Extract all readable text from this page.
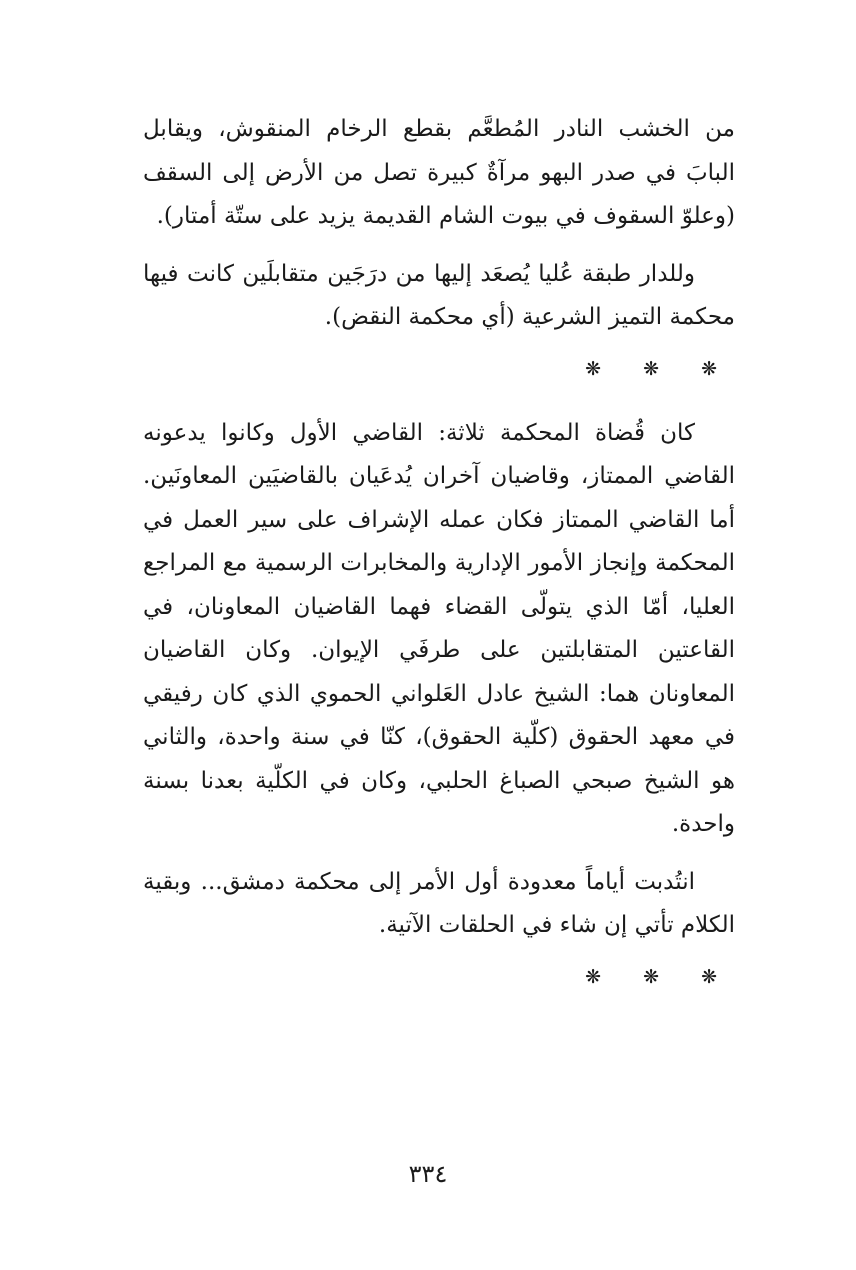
من الخشب النادر المُطعَّم بقطع الرخام المنقوش، ويقابل البابَ في صدر البهو مرآةٌ كبيرة تصل من الأرض إلى السقف (وعلوّ السقوف في بيوت الشام القديمة يزيد على ستّة أمتار).

وللدار طبقة عُليا يُصعَد إليها من درَجَين متقابلَين كانت فيها محكمة التميز الشرعية (أي محكمة النقض).

❋ ❋ ❋

كان قُضاة المحكمة ثلاثة: القاضي الأول وكانوا يدعونه القاضي الممتاز، وقاضيان آخران يُدعَيان بالقاضيَين المعاونَين. أما القاضي الممتاز فكان عمله الإشراف على سير العمل في المحكمة وإنجاز الأمور الإدارية والمخابرات الرسمية مع المراجع العليا، أمّا الذي يتولّى القضاء فهما القاضيان المعاونان، في القاعتين المتقابلتين على طرفَي الإيوان. وكان القاضيان المعاونان هما: الشيخ عادل العَلواني الحموي الذي كان رفيقي في معهد الحقوق (كلّية الحقوق)، كنّا في سنة واحدة، والثاني هو الشيخ صبحي الصباغ الحلبي، وكان في الكلّية بعدنا بسنة واحدة.

انتُدبت أياماً معدودة أول الأمر إلى محكمة دمشق... وبقية الكلام تأتي إن شاء في الحلقات الآتية.

❋ ❋ ❋
٣٣٤
